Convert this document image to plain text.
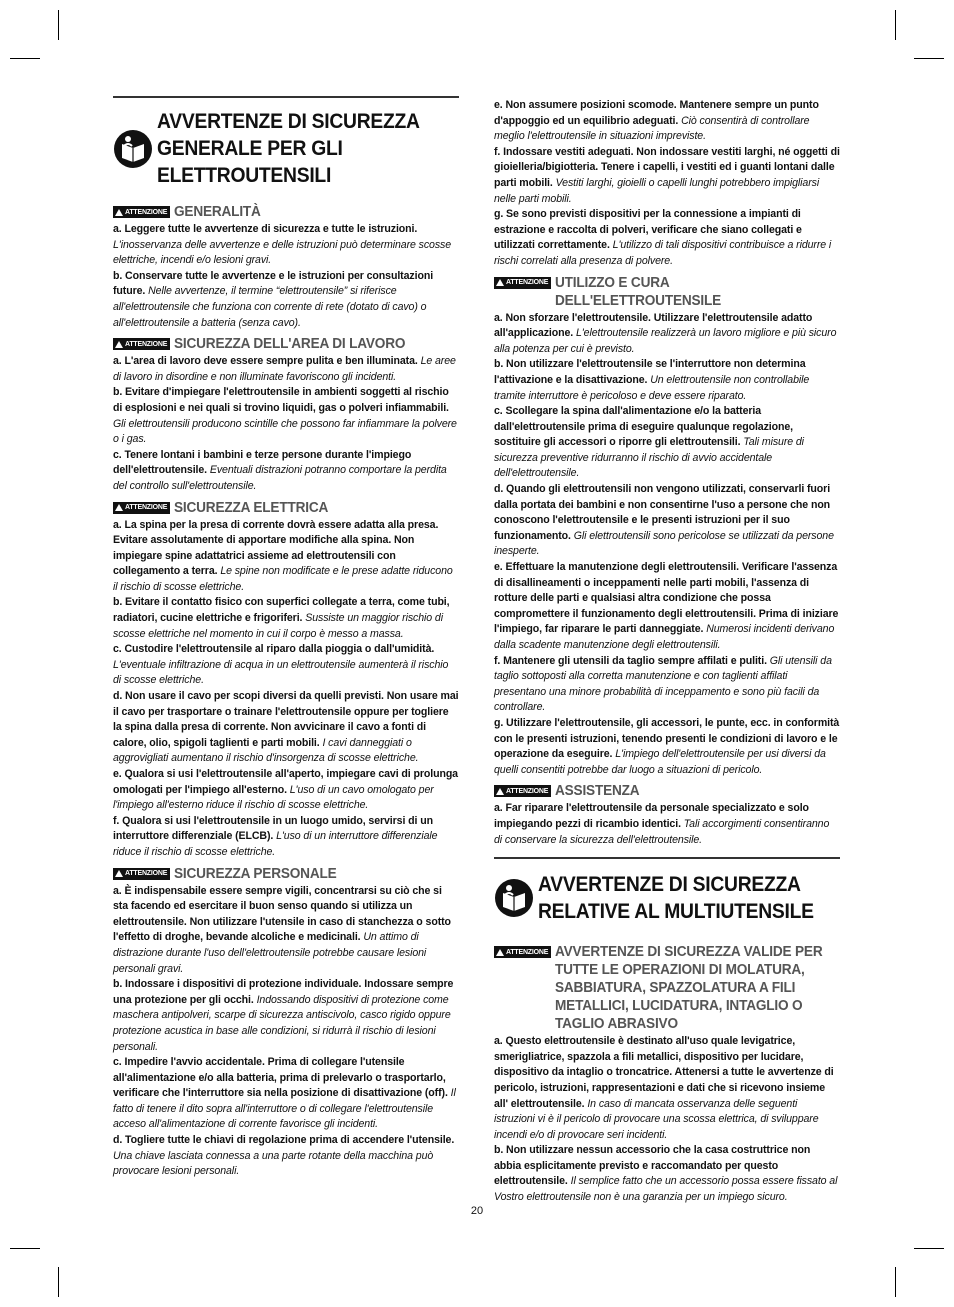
AVVERTENZE DI SICUREZZA GENERALE PER GLI ELETTROUTENSILI
ATTENZIONE GENERALITÀ

a. Leggere tutte le avvertenze di sicurezza e tutte le istruzioni. L'inosservanza delle avvertenze e delle istruzioni può determinare scosse elettriche, incendi e/o lesioni gravi.

b. Conservare tutte le avvertenze e le istruzioni per consultazioni future. Nelle avvertenze, il termine “elettroutensile” si riferisce all'elettroutensile che funziona con corrente di rete (dotato di cavo) o all'elettroutensile a batteria (senza cavo).

ATTENZIONE SICUREZZA DELL'AREA DI LAVORO

a. L'area di lavoro deve essere sempre pulita e ben illuminata. Le aree di lavoro in disordine e non illuminate favoriscono gli incidenti.

b. Evitare d'impiegare l'elettroutensile in ambienti soggetti al rischio di esplosioni e nei quali si trovino liquidi, gas o polveri infiammabili. Gli elettroutensili producono scintille che possono far infiammare la polvere o i gas.

c. Tenere lontani i bambini e terze persone durante l'impiego dell'elettroutensile. Eventuali distrazioni potranno comportare la perdita del controllo sull'elettroutensile.

ATTENZIONE SICUREZZA ELETTRICA

a. La spina per la presa di corrente dovrà essere adatta alla presa. Evitare assolutamente di apportare modifiche alla spina. Non impiegare spine adattatrici assieme ad elettroutensili con collegamento a terra. Le spine non modificate e le prese adatte riducono il rischio di scosse elettriche.

b. Evitare il contatto fisico con superfici collegate a terra, come tubi, radiatori, cucine elettriche e frigoriferi. Sussiste un maggior rischio di scosse elettriche nel momento in cui il corpo è messo a massa.

c. Custodire l'elettroutensile al riparo dalla pioggia o dall'umidità. L'eventuale infiltrazione di acqua in un elettroutensile aumenterà il rischio di scosse elettriche.

d. Non usare il cavo per scopi diversi da quelli previsti. Non usare mai il cavo per trasportare o trainare l'elettroutensile oppure per togliere la spina dalla presa di corrente. Non avvicinare il cavo a fonti di calore, olio, spigoli taglienti e parti mobili. I cavi danneggiati o aggrovigliati aumentano il rischio d'insorgenza di scosse elettriche.

e. Qualora si usi l'elettroutensile all'aperto, impiegare cavi di prolunga omologati per l'impiego all'esterno. L'uso di un cavo omologato per l'impiego all'esterno riduce il rischio di scosse elettriche.

f. Qualora si usi l'elettroutensile in un luogo umido, servirsi di un interruttore differenziale (ELCB). L'uso di un interruttore differenziale riduce il rischio di scosse elettriche.

ATTENZIONE SICUREZZA PERSONALE

a. È indispensabile essere sempre vigili, concentrarsi su ciò che si sta facendo ed esercitare il buon senso quando si utilizza un elettroutensile. Non utilizzare l'utensile in caso di stanchezza o sotto l'effetto di droghe, bevande alcoliche e medicinali. Un attimo di distrazione durante l'uso dell'elettroutensile potrebbe causare lesioni personali gravi.

b. Indossare i dispositivi di protezione individuale. Indossare sempre una protezione per gli occhi. Indossando dispositivi di protezione come maschera antipolveri, scarpe di sicurezza antiscivolo, casco rigido oppure protezione acustica in base alle condizioni, si ridurrà il rischio di lesioni personali.

c. Impedire l'avvio accidentale. Prima di collegare l'utensile all'alimentazione e/o alla batteria, prima di prelevarlo o trasportarlo, verificare che l'interruttore sia nella posizione di disattivazione (off). Il fatto di tenere il dito sopra all'interruttore o di collegare l'elettroutensile acceso all'alimentazione di corrente favorisce gli incidenti.

d. Togliere tutte le chiavi di regolazione prima di accendere l'utensile. Una chiave lasciata connessa a una parte rotante della macchina può provocare lesioni personali.

e. Non assumere posizioni scomode. Mantenere sempre un punto d'appoggio ed un equilibrio adeguati. Ciò consentirà di controllare meglio l'elettroutensile in situazioni impreviste.

f. Indossare vestiti adeguati. Non indossare vestiti larghi, né oggetti di gioielleria/bigiotteria. Tenere i capelli, i vestiti ed i guanti lontani dalle parti mobili. Vestiti larghi, gioielli o capelli lunghi potrebbero impigliarsi nelle parti mobili.

g. Se sono previsti dispositivi per la connessione a impianti di estrazione e raccolta di polveri, verificare che siano collegati e utilizzati correttamente. L'utilizzo di tali dispositivi contribuisce a ridurre i rischi correlati alla presenza di polvere.

ATTENZIONE UTILIZZO E CURA DELL'ELETTROUTENSILE

a. Non sforzare l'elettroutensile. Utilizzare l'elettroutensile adatto all'applicazione. L'elettroutensile realizzerà un lavoro migliore e più sicuro alla potenza per cui è previsto.

b. Non utilizzare l'elettroutensile se l'interruttore non determina l'attivazione e la disattivazione. Un elettroutensile non controllabile tramite interruttore è pericoloso e deve essere riparato.

c. Scollegare la spina dall'alimentazione e/o la batteria dall'elettroutensile prima di eseguire qualunque regolazione, sostituire gli accessori o riporre gli elettroutensili. Tali misure di sicurezza preventive ridurranno il rischio di avvio accidentale dell'elettroutensile.

d. Quando gli elettroutensili non vengono utilizzati, conservarli fuori dalla portata dei bambini e non consentirne l'uso a persone che non conoscono l'elettroutensile e le presenti istruzioni per il suo funzionamento. Gli elettroutensili sono pericolose se utilizzati da persone inesperte.

e. Effettuare la manutenzione degli elettroutensili. Verificare l'assenza di disallineamenti o inceppamenti nelle parti mobili, l'assenza di rotture delle parti e qualsiasi altra condizione che possa compromettere il funzionamento degli elettroutensili. Prima di iniziare l'impiego, far riparare le parti danneggiate. Numerosi incidenti derivano dalla scadente manutenzione degli elettroutensili.

f. Mantenere gli utensili da taglio sempre affilati e puliti. Gli utensili da taglio sottoposti alla corretta manutenzione e con taglienti affilati presentano una minore probabilità di inceppamento e sono più facili da controllare.

g. Utilizzare l'elettroutensile, gli accessori, le punte, ecc. in conformità con le presenti istruzioni, tenendo presenti le condizioni di lavoro e le operazione da eseguire. L'impiego dell'elettroutensile per usi diversi da quelli consentiti potrebbe dar luogo a situazioni di pericolo.

ATTENZIONE ASSISTENZA

a. Far riparare l'elettroutensile da personale specializzato e solo impiegando pezzi di ricambio identici. Tali accorgimenti consentiranno di conservare la sicurezza dell'elettroutensile.

AVVERTENZE DI SICUREZZA RELATIVE AL MULTIUTENSILE
ATTENZIONE AVVERTENZE DI SICUREZZA VALIDE PER TUTTE LE OPERAZIONI DI MOLATURA, SABBIATURA, SPAZZOLATURA A FILI METALLICI, LUCIDATURA, INTAGLIO O TAGLIO ABRASIVO

a. Questo elettroutensile è destinato all'uso quale levigatrice, smerigliatrice, spazzola a fili metallici, dispositivo per lucidare, dispositivo da intaglio o troncatrice. Attenersi a tutte le avvertenze di pericolo, istruzioni, rappresentazioni e dati che si ricevono insieme all' elettroutensile. In caso di mancata osservanza delle seguenti istruzioni vi è il pericolo di provocare una scossa elettrica, di sviluppare incendi e/o di provocare seri incidenti.

b. Non utilizzare nessun accessorio che la casa costruttrice non abbia esplicitamente previsto e raccomandato per questo elettroutensile. Il semplice fatto che un accessorio possa essere fissato al Vostro elettroutensile non è una garanzia per un impiego sicuro.

20
